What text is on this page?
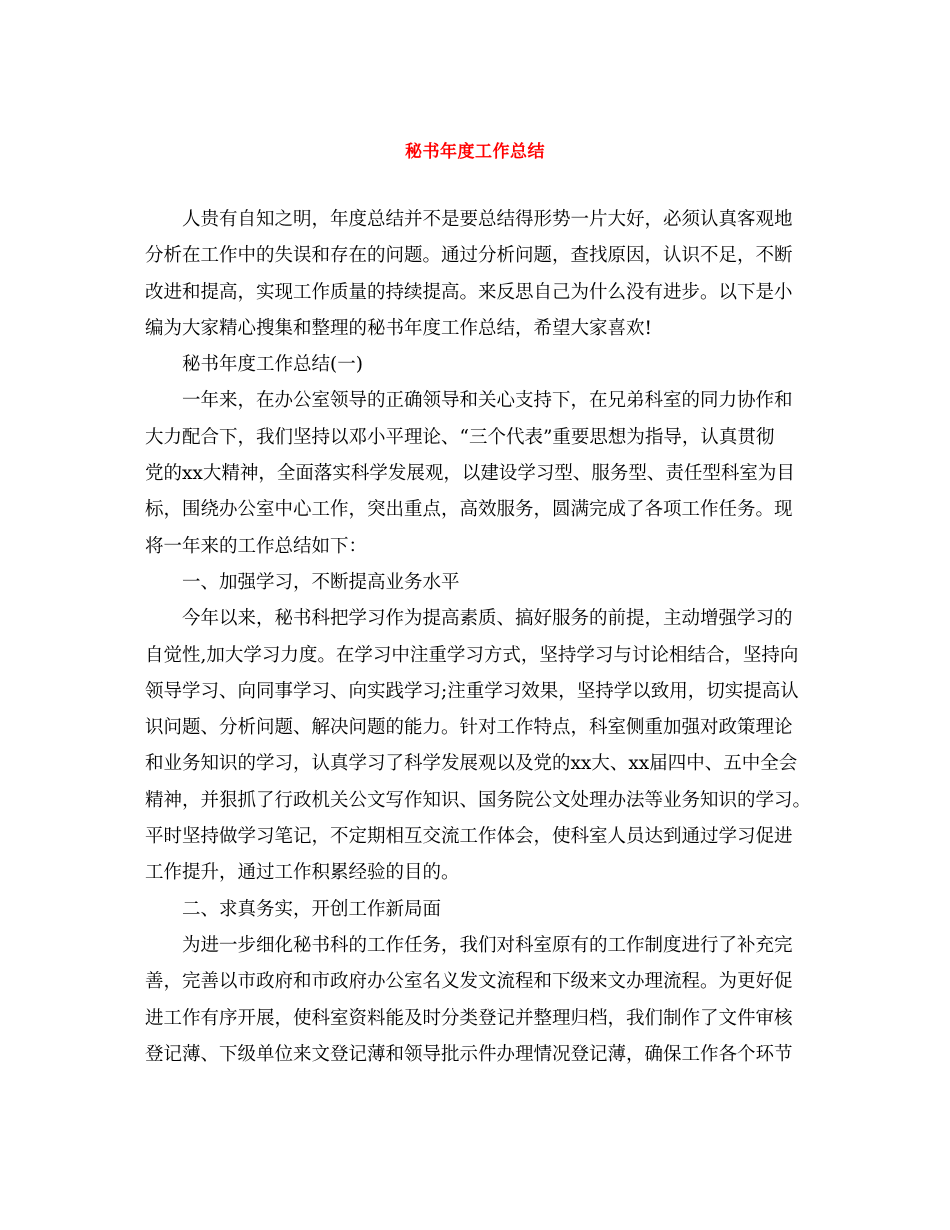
秘书年度工作总结
人贵有自知之明，年度总结并不是要总结得形势一片大好，必须认真客观地
分析在工作中的失误和存在的问题。通过分析问题，查找原因，认识不足，不断
改进和提高，实现工作质量的持续提高。来反思自己为什么没有进步。以下是小
编为大家精心搜集和整理的秘书年度工作总结，希望大家喜欢!
秘书年度工作总结(一)
一年来，在办公室领导的正确领导和关心支持下，在兄弟科室的同力协作和
大力配合下，我们坚持以邓小平理论、“三个代表”重要思想为指导，认真贯彻
党的xx大精神，全面落实科学发展观，以建设学习型、服务型、责任型科室为目
标，围绕办公室中心工作，突出重点，高效服务，圆满完成了各项工作任务。现
将一年来的工作总结如下：
一、加强学习，不断提高业务水平
今年以来，秘书科把学习作为提高素质、搞好服务的前提，主动增强学习的
自觉性,加大学习力度。在学习中注重学习方式，坚持学习与讨论相结合，坚持向
领导学习、向同事学习、向实践学习;注重学习效果，坚持学以致用，切实提高认
识问题、分析问题、解决问题的能力。针对工作特点，科室侧重加强对政策理论
和业务知识的学习，认真学习了科学发展观以及党的xx大、xx届四中、五中全会
精神，并狠抓了行政机关公文写作知识、国务院公文处理办法等业务知识的学习。
平时坚持做学习笔记，不定期相互交流工作体会，使科室人员达到通过学习促进
工作提升，通过工作积累经验的目的。
二、求真务实，开创工作新局面
为进一步细化秘书科的工作任务，我们对科室原有的工作制度进行了补充完
善，完善以市政府和市政府办公室名义发文流程和下级来文办理流程。为更好促
进工作有序开展，使科室资料能及时分类登记并整理归档，我们制作了文件审核
登记薄、下级单位来文登记薄和领导批示件办理情况登记薄，确保工作各个环节
